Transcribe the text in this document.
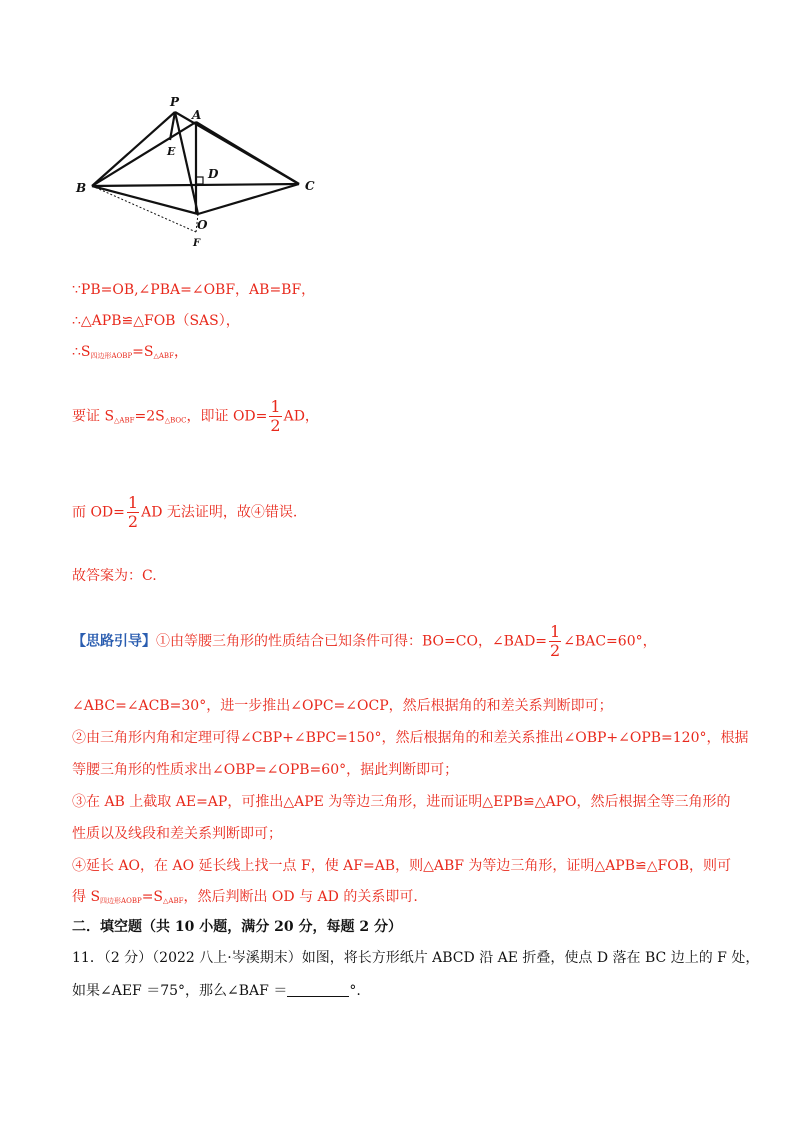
P
A
E
D
B	C
O
F
∵PB=OB,∠PBA=∠OBF，AB=BF，
∴△APB≌△FOB（SAS），
$\therefore S_{四边形AOBP}=S_{\triangle ABF}$，
要证 $S_{\triangle ABF}=2S_{\triangle BOC}$，即证 $OD= \frac{1}{2}$ AD，
而 $OD= \frac{1}{2}$ AD 无法证明，故④错误.
故答案为：C.
【思路引导】①由等腰三角形的性质结合已知条件可得：BO=CO，∠BAD= $\frac{1}{2}$ ∠BAC=60°，
∠ABC=∠ACB=30°，进一步推出∠OPC=∠OCP，然后根据角的和差关系判断即可；
②由三角形内角和定理可得∠CBP+∠BPC=150°，然后根据角的和差关系推出∠OBP+∠OPB=120°，根据
等腰三角形的性质求出∠OBP=∠OPB=60°，据此判断即可；
③在 AB 上截取 AE=AP，可推出△APE 为等边三角形，进而证明△EPB≌△APO，然后根据全等三角形的
性质以及线段和差关系判断即可；
④延长 AO，在 AO 延长线上找一点 F，使 AF=AB，则△ABF 为等边三角形，证明△APB≌△FOB，则可
得 $S_{四边形AOBP}=S_{\triangle ABF}$，然后判断出 OD 与 AD 的关系即可.
二．填空题（共 10 小题，满分 20 分，每题 2 分）
11．（2 分）（2022 八上·岑溪期末）如图，将长方形纸片 ABCD 沿 AE 折叠，使点 D 落在 BC 边上的 F 处，
如果∠AEF ＝75°，那么∠BAF ＝	°.
